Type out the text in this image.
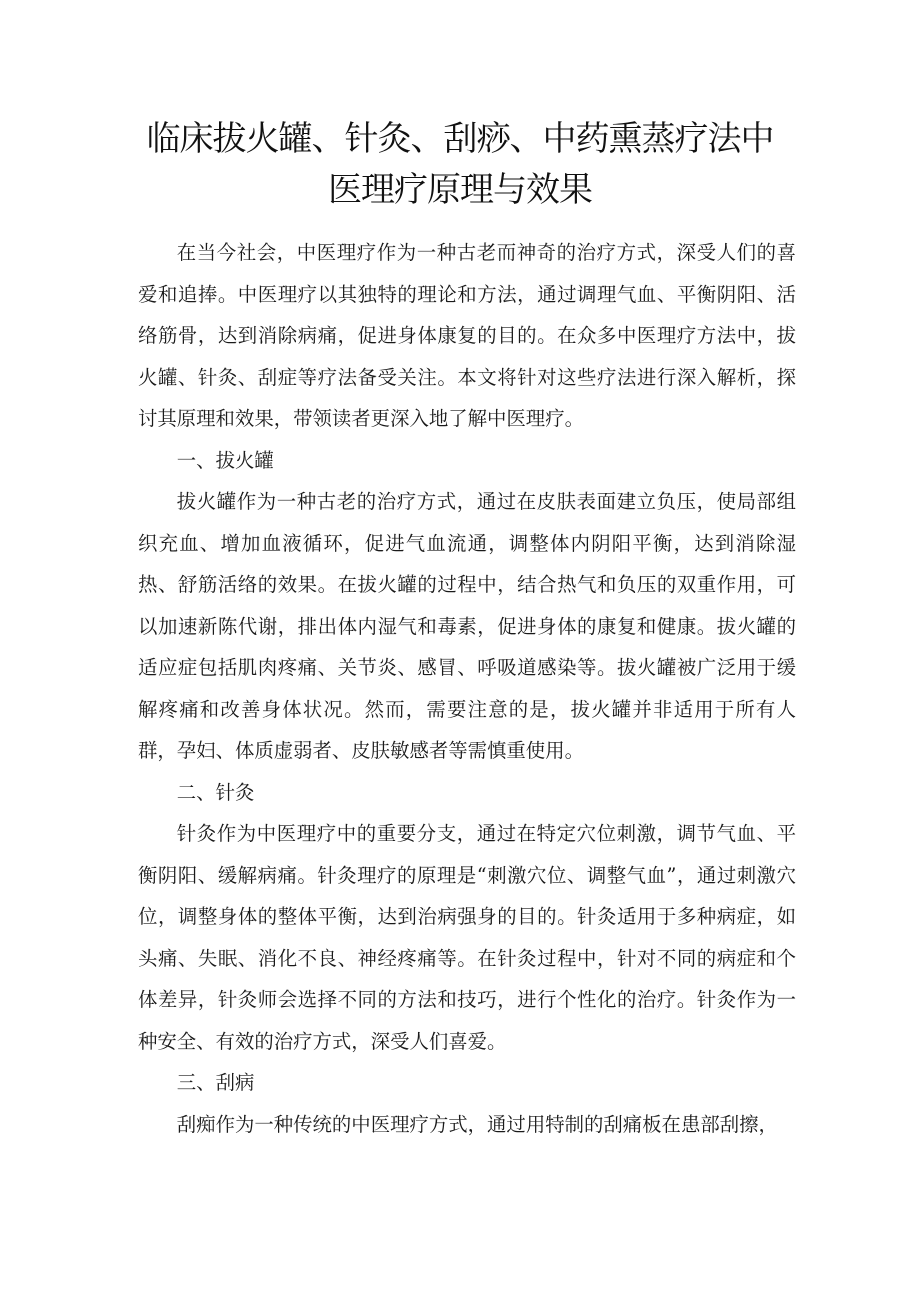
临床拔火罐、针灸、刮痧、中药熏蒸疗法中

医理疗原理与效果

在当今社会，中医理疗作为一种古老而神奇的治疗方式，深受人们的喜爱和追捧。中医理疗以其独特的理论和方法，通过调理气血、平衡阴阳、活络筋骨，达到消除病痛，促进身体康复的目的。在众多中医理疗方法中，拔火罐、针灸、刮症等疗法备受关注。本文将针对这些疗法进行深入解析，探讨其原理和效果，带领读者更深入地了解中医理疗。

一、拔火罐

拔火罐作为一种古老的治疗方式，通过在皮肤表面建立负压，使局部组织充血、增加血液循环，促进气血流通，调整体内阴阳平衡，达到消除湿热、舒筋活络的效果。在拔火罐的过程中，结合热气和负压的双重作用，可以加速新陈代谢，排出体内湿气和毒素，促进身体的康复和健康。拔火罐的适应症包括肌肉疼痛、关节炎、感冒、呼吸道感染等。拔火罐被广泛用于缓解疼痛和改善身体状况。然而，需要注意的是，拔火罐并非适用于所有人群，孕妇、体质虚弱者、皮肤敏感者等需慎重使用。

二、针灸

针灸作为中医理疗中的重要分支，通过在特定穴位刺激，调节气血、平衡阴阳、缓解病痛。针灸理疗的原理是“刺激穴位、调整气血”，通过刺激穴位，调整身体的整体平衡，达到治病强身的目的。针灸适用于多种病症，如头痛、失眠、消化不良、神经疼痛等。在针灸过程中，针对不同的病症和个体差异，针灸师会选择不同的方法和技巧，进行个性化的治疗。针灸作为一种安全、有效的治疗方式，深受人们喜爱。

三、刮病

刮痴作为一种传统的中医理疗方式，通过用特制的刮痛板在患部刮擦，
